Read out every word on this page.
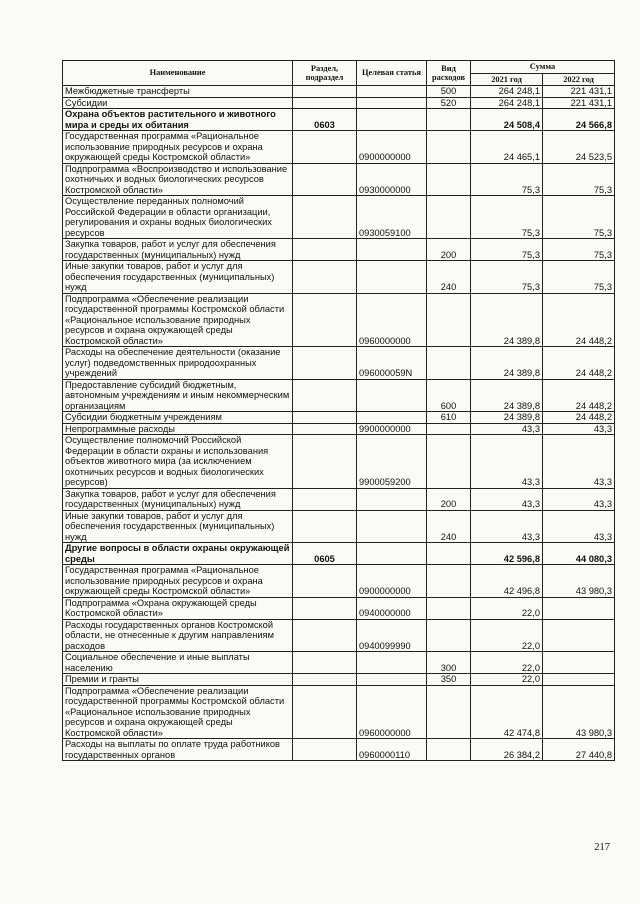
Наименование	Раздел, подраздел	Целевая статья	Вид расходов	Сумма	
				2021 год	2022 год
Межбюджетные трансферты			500	264 248,1	221 431,1
Субсидии			520	264 248,1	221 431,1
Охрана объектов растительного и животного мира и среды их обитания	0603			24 508,4	24 566,8
Государственная программа «Рациональное использование природных ресурсов и охрана окружающей среды Костромской области»		0900000000		24 465,1	24 523,5
Подпрограмма «Воспроизводство и использование охотничьих и водных биологических ресурсов Костромской области»		0930000000		75,3	75,3
Осуществление переданных полномочий Российской Федерации в области организации, регулирования и охраны водных биологических ресурсов		0930059100		75,3	75,3
Закупка товаров, работ и услуг для обеспечения государственных (муниципальных) нужд			200	75,3	75,3
Иные закупки товаров, работ и услуг для обеспечения государственных (муниципальных) нужд			240	75,3	75,3
Подпрограмма «Обеспечение реализации государственной программы Костромской области «Рациональное использование природных ресурсов и охрана окружающей среды Костромской области»		0960000000		24 389,8	24 448,2
Расходы на обеспечение деятельности (оказание услуг) подведомственных природоохранных учреждений		096000059N		24 389,8	24 448,2
Предоставление субсидий бюджетным, автономным учреждениям и иным некоммерческим организациям			600	24 389,8	24 448,2
Субсидии бюджетным учреждениям			610	24 389,8	24 448,2
Непрограммные расходы		9900000000		43,3	43,3
Осуществление полномочий Российской Федерации в области охраны и использования объектов животного мира (за исключением охотничьих ресурсов и водных биологических ресурсов)		9900059200		43,3	43,3
Закупка товаров, работ и услуг для обеспечения государственных (муниципальных) нужд			200	43,3	43,3
Иные закупки товаров, работ и услуг для обеспечения государственных (муниципальных) нужд			240	43,3	43,3
Другие вопросы в области охраны окружающей среды	0605			42 596,8	44 080,3
Государственная программа «Рациональное использование природных ресурсов и охрана окружающей среды Костромской области»		0900000000		42 496,8	43 980,3
Подпрограмма «Охрана окружающей среды Костромской области»		0940000000		22,0	
Расходы государственных органов Костромской области, не отнесенные к другим направлениям расходов		0940099990		22,0	
Социальное обеспечение и иные выплаты населению			300	22,0	
Премии и гранты			350	22,0	
Подпрограмма «Обеспечение реализации государственной программы Костромской области «Рациональное использование природных ресурсов и охрана окружающей среды Костромской области»		0960000000		42 474,8	43 980,3
Расходы на выплаты по оплате труда работников государственных органов		0960000110		26 384,2	27 440,8
217
